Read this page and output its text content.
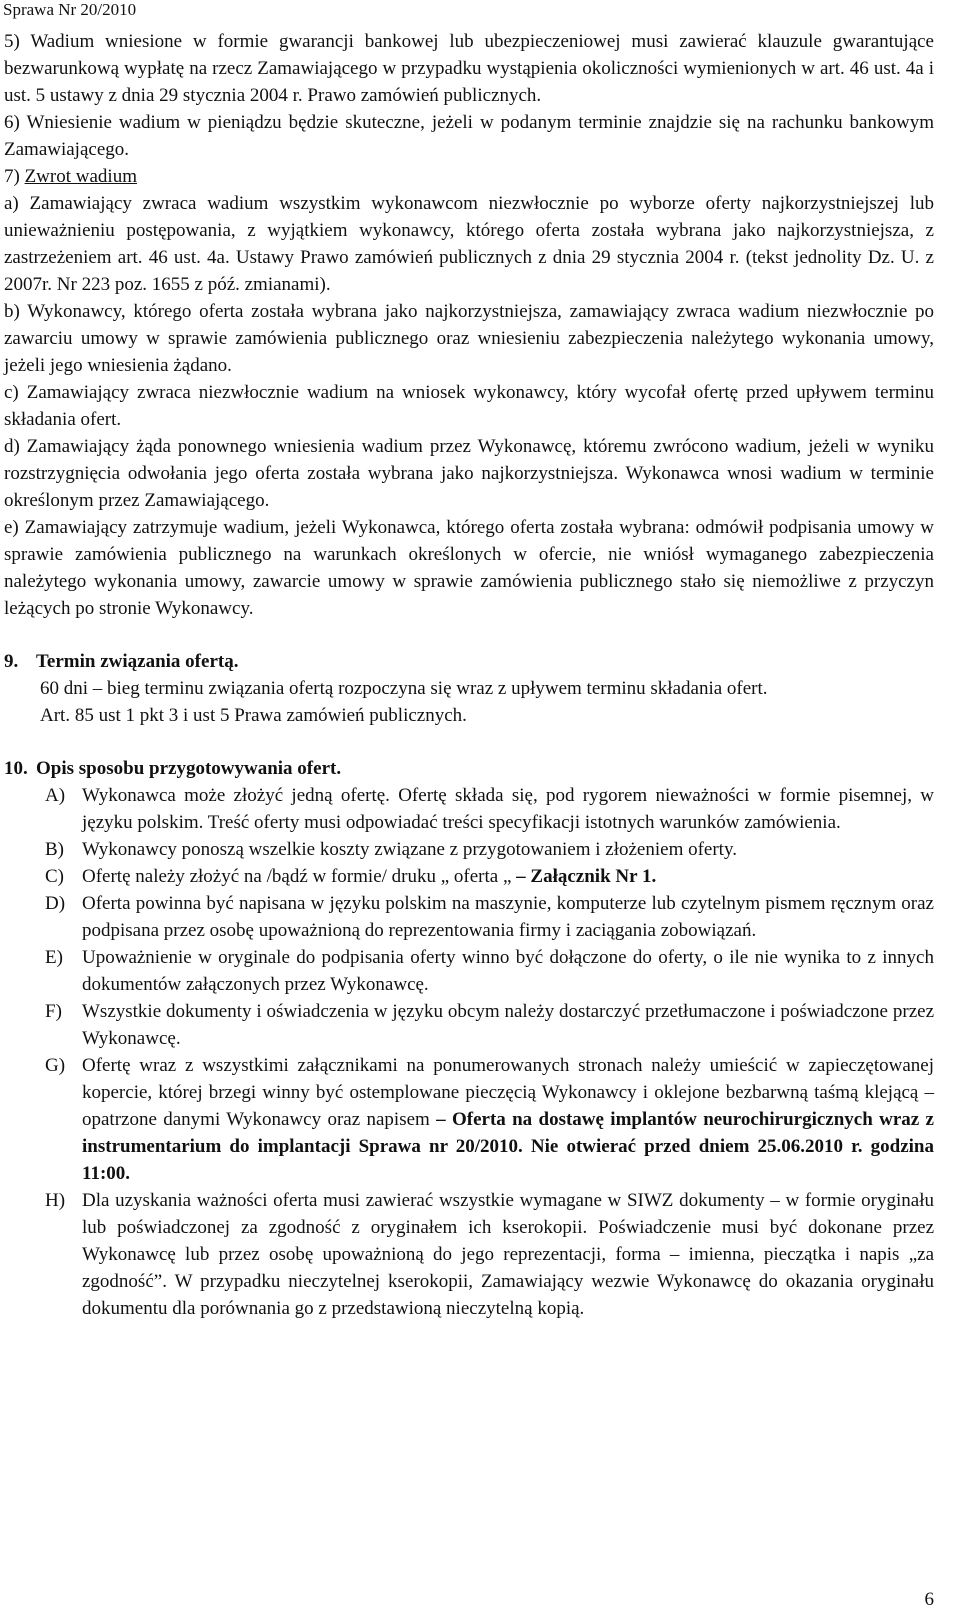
Sprawa Nr 20/2010

5) Wadium wniesione w formie gwarancji bankowej lub ubezpieczeniowej musi zawierać klauzule gwarantujące bezwarunkową wypłatę na rzecz Zamawiającego w przypadku wystąpienia okoliczności wymienionych w art. 46 ust. 4a i ust. 5 ustawy z dnia 29 stycznia 2004 r. Prawo zamówień publicznych.

6) Wniesienie wadium w pieniądzu będzie skuteczne, jeżeli w podanym terminie znajdzie się na rachunku bankowym Zamawiającego.

7) Zwrot wadium

a) Zamawiający zwraca wadium wszystkim wykonawcom niezwłocznie po wyborze oferty najkorzystniejszej lub unieważnieniu postępowania, z wyjątkiem wykonawcy, którego oferta została wybrana jako najkorzystniejsza, z zastrzeżeniem art. 46 ust. 4a. Ustawy Prawo zamówień publicznych z dnia 29 stycznia 2004 r. (tekst jednolity Dz. U. z 2007r. Nr 223 poz. 1655 z póź. zmianami).

b) Wykonawcy, którego oferta została wybrana jako najkorzystniejsza, zamawiający zwraca wadium niezwłocznie po zawarciu umowy w sprawie zamówienia publicznego oraz wniesieniu zabezpieczenia należytego wykonania umowy, jeżeli jego wniesienia żądano.

c) Zamawiający zwraca niezwłocznie wadium na wniosek wykonawcy, który wycofał ofertę przed upływem terminu składania ofert.

d) Zamawiający żąda ponownego wniesienia wadium przez Wykonawcę, któremu zwrócono wadium, jeżeli w wyniku rozstrzygnięcia odwołania jego oferta została wybrana jako najkorzystniejsza. Wykonawca wnosi wadium w terminie określonym przez Zamawiającego.

e) Zamawiający zatrzymuje wadium, jeżeli Wykonawca, którego oferta została wybrana: odmówił podpisania umowy w sprawie zamówienia publicznego na warunkach określonych w ofercie, nie wniósł wymaganego zabezpieczenia należytego wykonania umowy, zawarcie umowy w sprawie zamówienia publicznego stało się niemożliwe z przyczyn leżących po stronie Wykonawcy.

9. Termin związania ofertą.

60 dni – bieg terminu związania ofertą rozpoczyna się wraz z upływem terminu składania ofert.

Art. 85 ust 1 pkt 3 i ust 5 Prawa zamówień publicznych.

10. Opis sposobu przygotowywania ofert.

A) Wykonawca może złożyć jedną ofertę. Ofertę składa się, pod rygorem nieważności w formie pisemnej, w języku polskim. Treść oferty musi odpowiadać treści specyfikacji istotnych warunków zamówienia.
B) Wykonawcy ponoszą wszelkie koszty związane z przygotowaniem i złożeniem oferty.
C) Ofertę należy złożyć na /bądź w formie/ druku „ oferta „ – Załącznik Nr 1.
D) Oferta powinna być napisana w języku polskim na maszynie, komputerze lub czytelnym pismem ręcznym oraz podpisana przez osobę upoważnioną do reprezentowania firmy i zaciągania zobowiązań.
E) Upoważnienie w oryginale do podpisania oferty winno być dołączone do oferty, o ile nie wynika to z innych dokumentów załączonych przez Wykonawcę.
F) Wszystkie dokumenty i oświadczenia w języku obcym należy dostarczyć przetłumaczone i poświadczone przez Wykonawcę.
G) Ofertę wraz z wszystkimi załącznikami na ponumerowanych stronach należy umieścić w zapieczętowanej kopercie, której brzegi winny być ostemplowane pieczęcią Wykonawcy i oklejone bezbarwną taśmą klejącą – opatrzone danymi Wykonawcy oraz napisem – Oferta na dostawę implantów neurochirurgicznych wraz z instrumentarium do implantacji Sprawa nr 20/2010. Nie otwierać przed dniem 25.06.2010 r. godzina 11:00.
H) Dla uzyskania ważności oferta musi zawierać wszystkie wymagane w SIWZ dokumenty – w formie oryginału lub poświadczonej za zgodność z oryginałem ich kserokopii. Poświadczenie musi być dokonane przez Wykonawcę lub przez osobę upoważnioną do jego reprezentacji, forma – imienna, pieczątka i napis „za zgodność”. W przypadku nieczytelnej kserokopii, Zamawiający wezwie Wykonawcę do okazania oryginału dokumentu dla porównania go z przedstawioną nieczytelną kopią.
6
